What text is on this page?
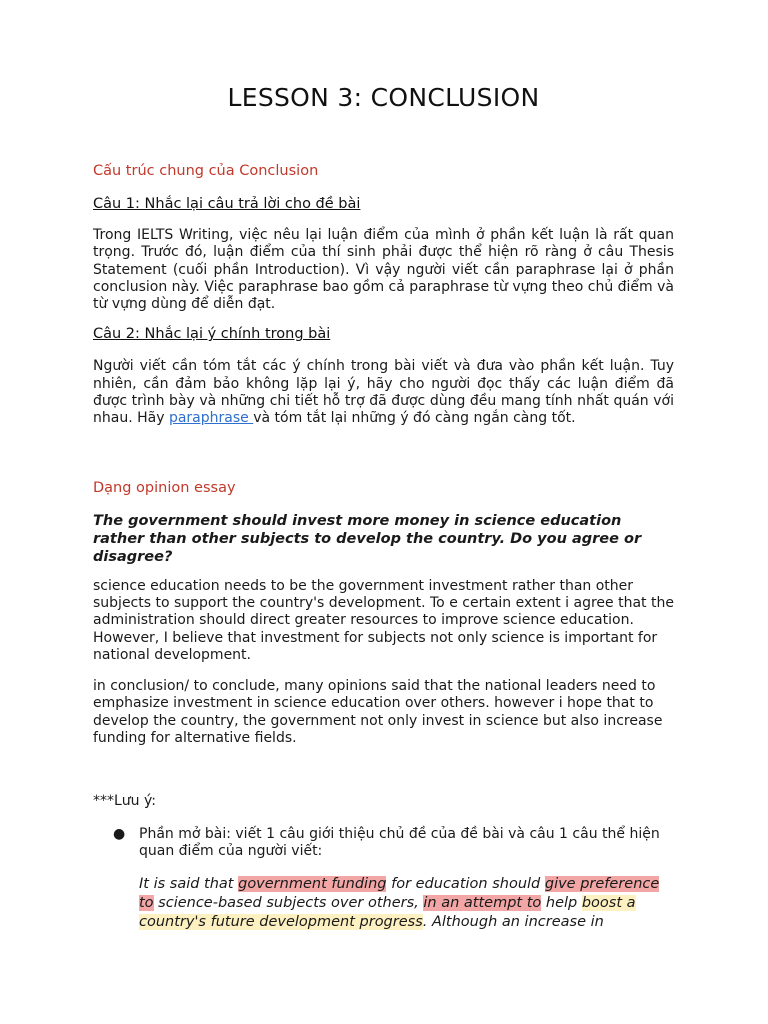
LESSON 3: CONCLUSION

Cấu trúc chung của Conclusion

Câu 1: Nhắc lại câu trả lời cho đề bài

Trong IELTS Writing, việc nêu lại luận điểm của mình ở phần kết luận là rất quan trọng. Trước đó, luận điểm của thí sinh phải được thể hiện rõ ràng ở câu Thesis Statement (cuối phần Introduction). Vì vậy người viết cần paraphrase lại ở phần conclusion này. Việc paraphrase bao gồm cả paraphrase từ vựng theo chủ điểm và từ vựng dùng để diễn đạt.

Câu 2: Nhắc lại ý chính trong bài

Người viết cần tóm tắt các ý chính trong bài viết và đưa vào phần kết luận. Tuy nhiên, cần đảm bảo không lặp lại ý, hãy cho người đọc thấy các luận điểm đã được trình bày và những chi tiết hỗ trợ đã được dùng đều mang tính nhất quán với nhau. Hãy paraphrase và tóm tắt lại những ý đó càng ngắn càng tốt.

Dạng opinion essay

The government should invest more money in science education rather than other subjects to develop the country. Do you agree or disagree?

science education needs to be the government investment rather than other subjects to support the country's development. To e certain extent i agree that the administration should direct greater resources to improve science education. However, I believe that investment for subjects not only science is important for national development.

in conclusion/ to conclude, many opinions said that the national leaders need to emphasize investment in science education over others. however i hope that to develop the country, the government not only invest in science but also increase funding for alternative fields.

***Lưu ý:

● Phần mở bài: viết 1 câu giới thiệu chủ đề của đề bài và câu 1 câu thể hiện quan điểm của người viết:

It is said that government funding for education should give preference to science-based subjects over others, in an attempt to help boost a country's future development progress. Although an increase in
